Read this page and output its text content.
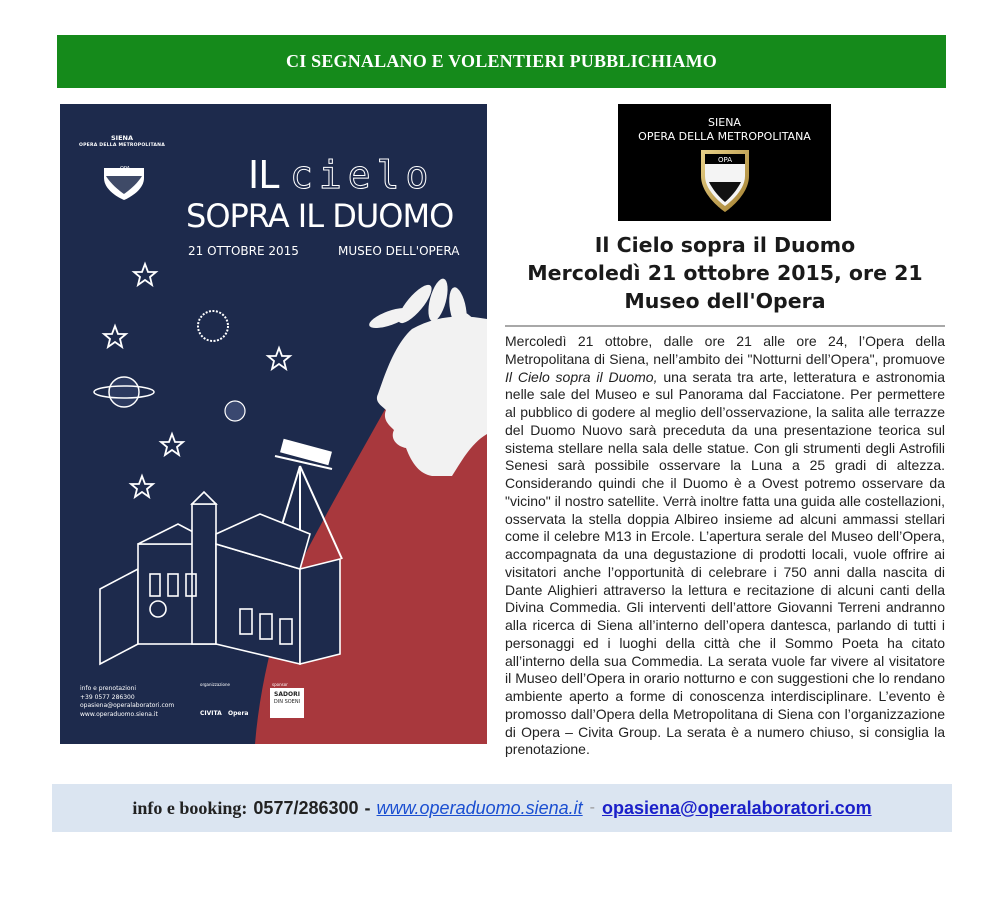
CI SEGNALANO E VOLENTIERI PUBBLICHIAMO
SIENA
OPERA DELLA METROPOLITANA
OPA	IL cielo
SOPRA IL DUOMO
21 OTTOBRE 2015	MUSEO DELL'OPERA
info e prenotazioni
+39 0577 286300
opasiena@operalaboratori.com
www.operaduomo.siena.it
organizzazione	sponsor
CIVITA Opera
SADORI
DIN SOENI
SIENA
OPERA DELLA METROPOLITANA
OPA
Il Cielo sopra il Duomo
Mercoledì 21 ottobre 2015, ore 21
Museo dell'Opera
Mercoledì 21 ottobre, dalle ore 21 alle ore 24, l’Opera della Metropolitana di Siena, nell’ambito dei "Notturni dell’Opera", promuove Il Cielo sopra il Duomo, una serata tra arte, letteratura e astronomia nelle sale del Museo e sul Panorama dal Facciatone. Per permettere al pubblico di godere al meglio dell’osservazione, la salita alle terrazze del Duomo Nuovo sarà preceduta da una presentazione teorica sul sistema stellare nella sala delle statue. Con gli strumenti degli Astrofili Senesi sarà possibile osservare la Luna a 25 gradi di altezza. Considerando quindi che il Duomo è a Ovest potremo osservare da "vicino" il nostro satellite. Verrà inoltre fatta una guida alle costellazioni, osservata la stella doppia Albireo insieme ad alcuni ammassi stellari come il celebre M13 in Ercole. L’apertura serale del Museo dell’Opera, accompagnata da una degustazione di prodotti locali, vuole offrire ai visitatori anche l’opportunità di celebrare i 750 anni dalla nascita di Dante Alighieri attraverso la lettura e recitazione di alcuni canti della Divina Commedia. Gli interventi dell’attore Giovanni Terreni andranno alla ricerca di Siena all’interno dell’opera dantesca, parlando di tutti i personaggi ed i luoghi della città che il Sommo Poeta ha citato all’interno della sua Commedia. La serata vuole far vivere al visitatore il Museo dell’Opera in orario notturno e con suggestioni che lo rendano ambiente aperto a forme di conoscenza interdisciplinare. L’evento è promosso dall’Opera della Metropolitana di Siena con l’organizzazione di Opera – Civita Group. La serata è a numero chiuso, si consiglia la prenotazione.
info e booking: 0577/286300 - www.operaduomo.siena.it - opasiena@operalaboratori.com
